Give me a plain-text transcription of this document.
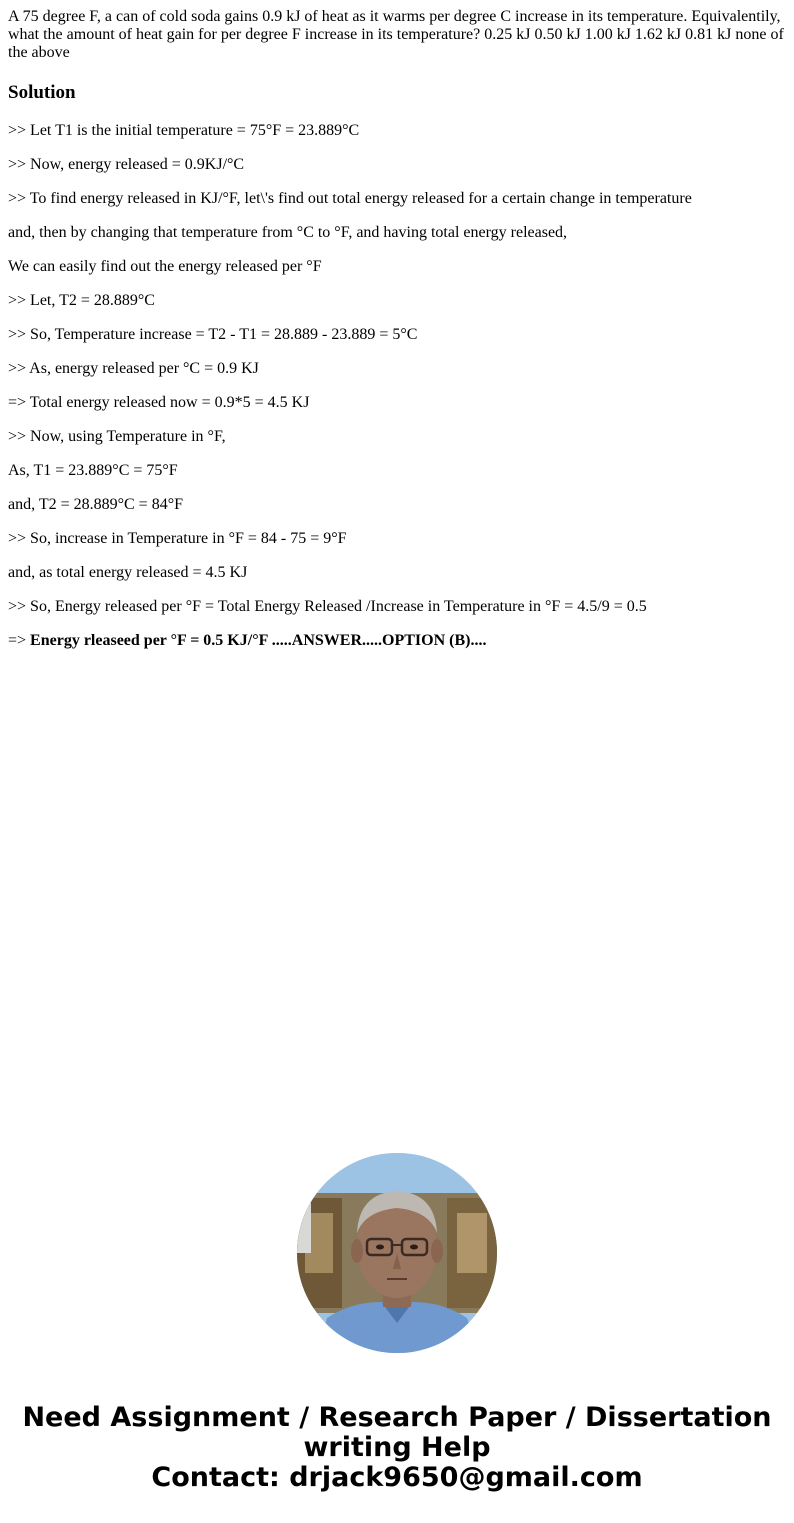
A 75 degree F, a can of cold soda gains 0.9 kJ of heat as it warms per degree C increase in its temperature. Equivalentily, what the amount of heat gain for per degree F increase in its temperature? 0.25 kJ 0.50 kJ 1.00 kJ 1.62 kJ 0.81 kJ none of the above
Solution

>> Let T1 is the initial temperature = 75°F = 23.889°C

>> Now, energy released = 0.9KJ/°C

>> To find energy released in KJ/°F, let\'s find out total energy released for a certain change in temperature

and, then by changing that temperature from °C to °F, and having total energy released,

We can easily find out the energy released per °F

>> Let, T2 = 28.889°C

>> So, Temperature increase = T2 - T1 = 28.889 - 23.889 = 5°C

>> As, energy released per °C = 0.9 KJ

=> Total energy released now = 0.9*5 = 4.5 KJ

>> Now, using Temperature in °F,

As, T1 = 23.889°C = 75°F

and, T2 = 28.889°C = 84°F

>> So, increase in Temperature in °F = 84 - 75 = 9°F

and, as total energy released = 4.5 KJ

>> So, Energy released per °F = Total Energy Released /Increase in Temperature in °F = 4.5/9 = 0.5

=> Energy rleaseed per °F = 0.5 KJ/°F .....ANSWER.....OPTION (B)....

Need Assignment / Research Paper / Dissertation
writing Help
Contact: drjack9650@gmail.com
